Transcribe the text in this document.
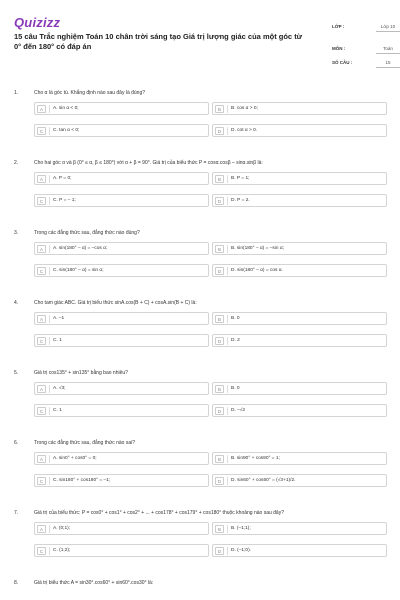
Quizizz
15 câu Trắc nghiệm Toán 10 chân trời sáng tạo Giá trị lượng giác của một góc từ 0° đến 180° có đáp án
LỚP :	Lớp 10
MÔN :	Toán
SỐ CÂU :	15
1.	Cho α là góc tù. Khẳng định nào sau đây là đúng?
A	A. sin α < 0;	B	B. cos α > 0;
C	C. tan α < 0;	D	D. cot α > 0.
2.	Cho hai góc α và β (0° ≤ α, β ≤ 180°) với α + β = 90°. Giá trị của biểu thức P = cosα.cosβ – sinα.sinβ là:
A	A. P = 0;	B	B. P = 1;
C	C. P = – 1;	D	D. P = 2.
3.	Trong các đẳng thức sau, đẳng thức nào đúng?
A	A. sin(180° – α) = –cos α;	B	B. sin(180° – α) = –sin α;
C	C. sin(180° – α) = sin α;	D	D. sin(180° – α) = cos α.
4.	Cho tam giác ABC. Giá trị biểu thức sinA.cos(B + C) + cosA.sin(B + C) là:
A	A. –1	B	B. 0
C	C. 1	D	D. 2
5.	Giá trị cos135° + sin135° bằng bao nhiêu?
A	A. √3;	B	B. 0
C	C. 1	D	D. –√2
6.	Trong các đẳng thức sau, đẳng thức nào sai?
A	A. sin0° + cos0° = 0;	B	B. sin90° + cos90° = 1;
C	C. sin180° + cos180° = –1;	D	D. sin60° + cos60° = (√3+1)/2.
7.	Giá trị của biểu thức: P = cos0° + cos1° + cos2° + ... + cos178° + cos179° + cos180° thuộc khoảng nào sau đây?
A	A. (0;1);	B	B. (–1;1);
C	C. (1;2);	D	D. (–1;0).
8.	Giá trị biểu thức A = sin30°.cos60° + sin60°.cos30° là:
